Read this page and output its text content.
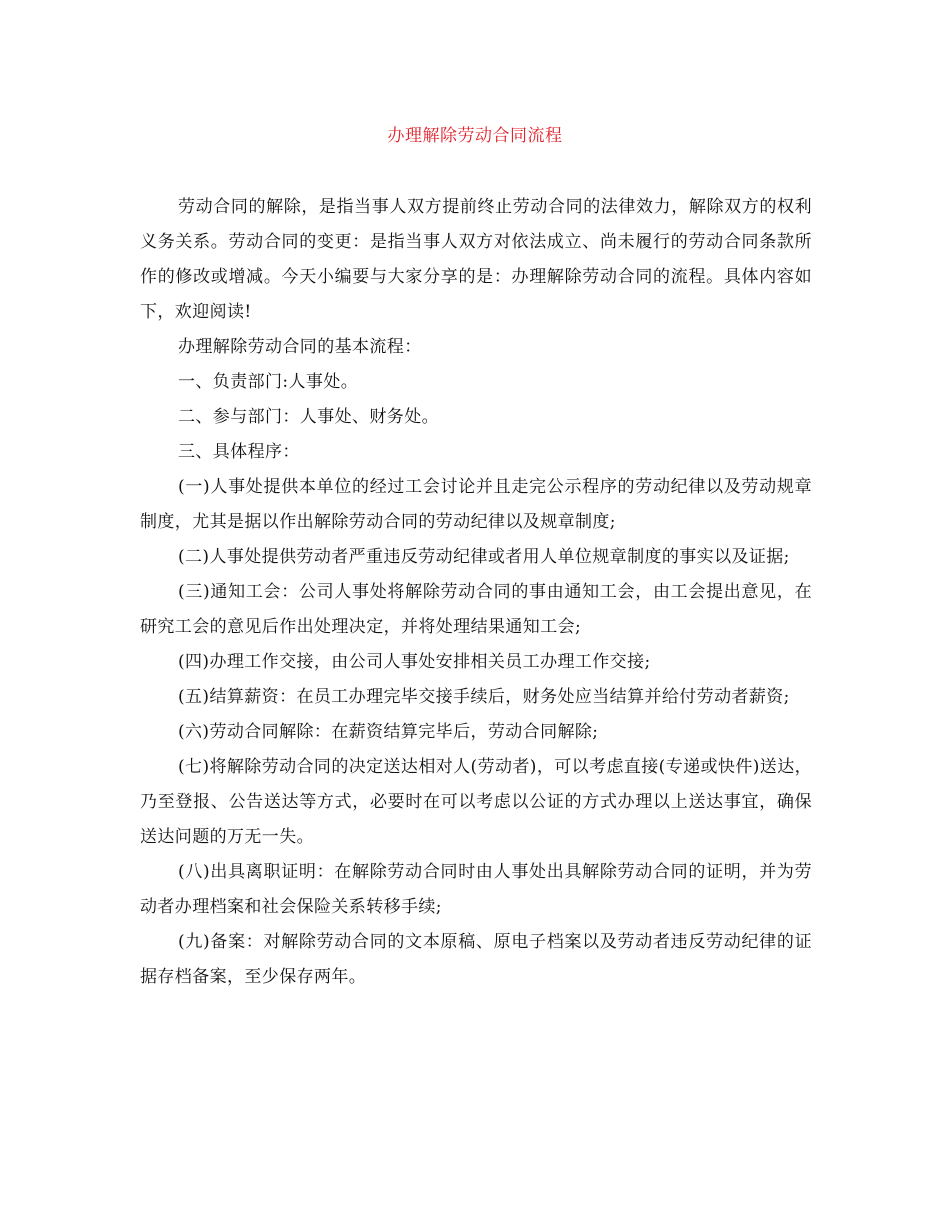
办理解除劳动合同流程

劳动合同的解除，是指当事人双方提前终止劳动合同的法律效力，解除双方的权利义务关系。劳动合同的变更：是指当事人双方对依法成立、尚未履行的劳动合同条款所作的修改或增减。今天小编要与大家分享的是：办理解除劳动合同的流程。具体内容如下，欢迎阅读!

办理解除劳动合同的基本流程：

一、负责部门:人事处。

二、参与部门：人事处、财务处。

三、具体程序：

(一)人事处提供本单位的经过工会讨论并且走完公示程序的劳动纪律以及劳动规章制度，尤其是据以作出解除劳动合同的劳动纪律以及规章制度;

(二)人事处提供劳动者严重违反劳动纪律或者用人单位规章制度的事实以及证据;

(三)通知工会：公司人事处将解除劳动合同的事由通知工会，由工会提出意见，在研究工会的意见后作出处理决定，并将处理结果通知工会;

(四)办理工作交接，由公司人事处安排相关员工办理工作交接;

(五)结算薪资：在员工办理完毕交接手续后，财务处应当结算并给付劳动者薪资;

(六)劳动合同解除：在薪资结算完毕后，劳动合同解除;

(七)将解除劳动合同的决定送达相对人(劳动者)，可以考虑直接(专递或快件)送达，乃至登报、公告送达等方式，必要时在可以考虑以公证的方式办理以上送达事宜，确保送达问题的万无一失。

(八)出具离职证明：在解除劳动合同时由人事处出具解除劳动合同的证明，并为劳动者办理档案和社会保险关系转移手续;

(九)备案：对解除劳动合同的文本原稿、原电子档案以及劳动者违反劳动纪律的证据存档备案，至少保存两年。
